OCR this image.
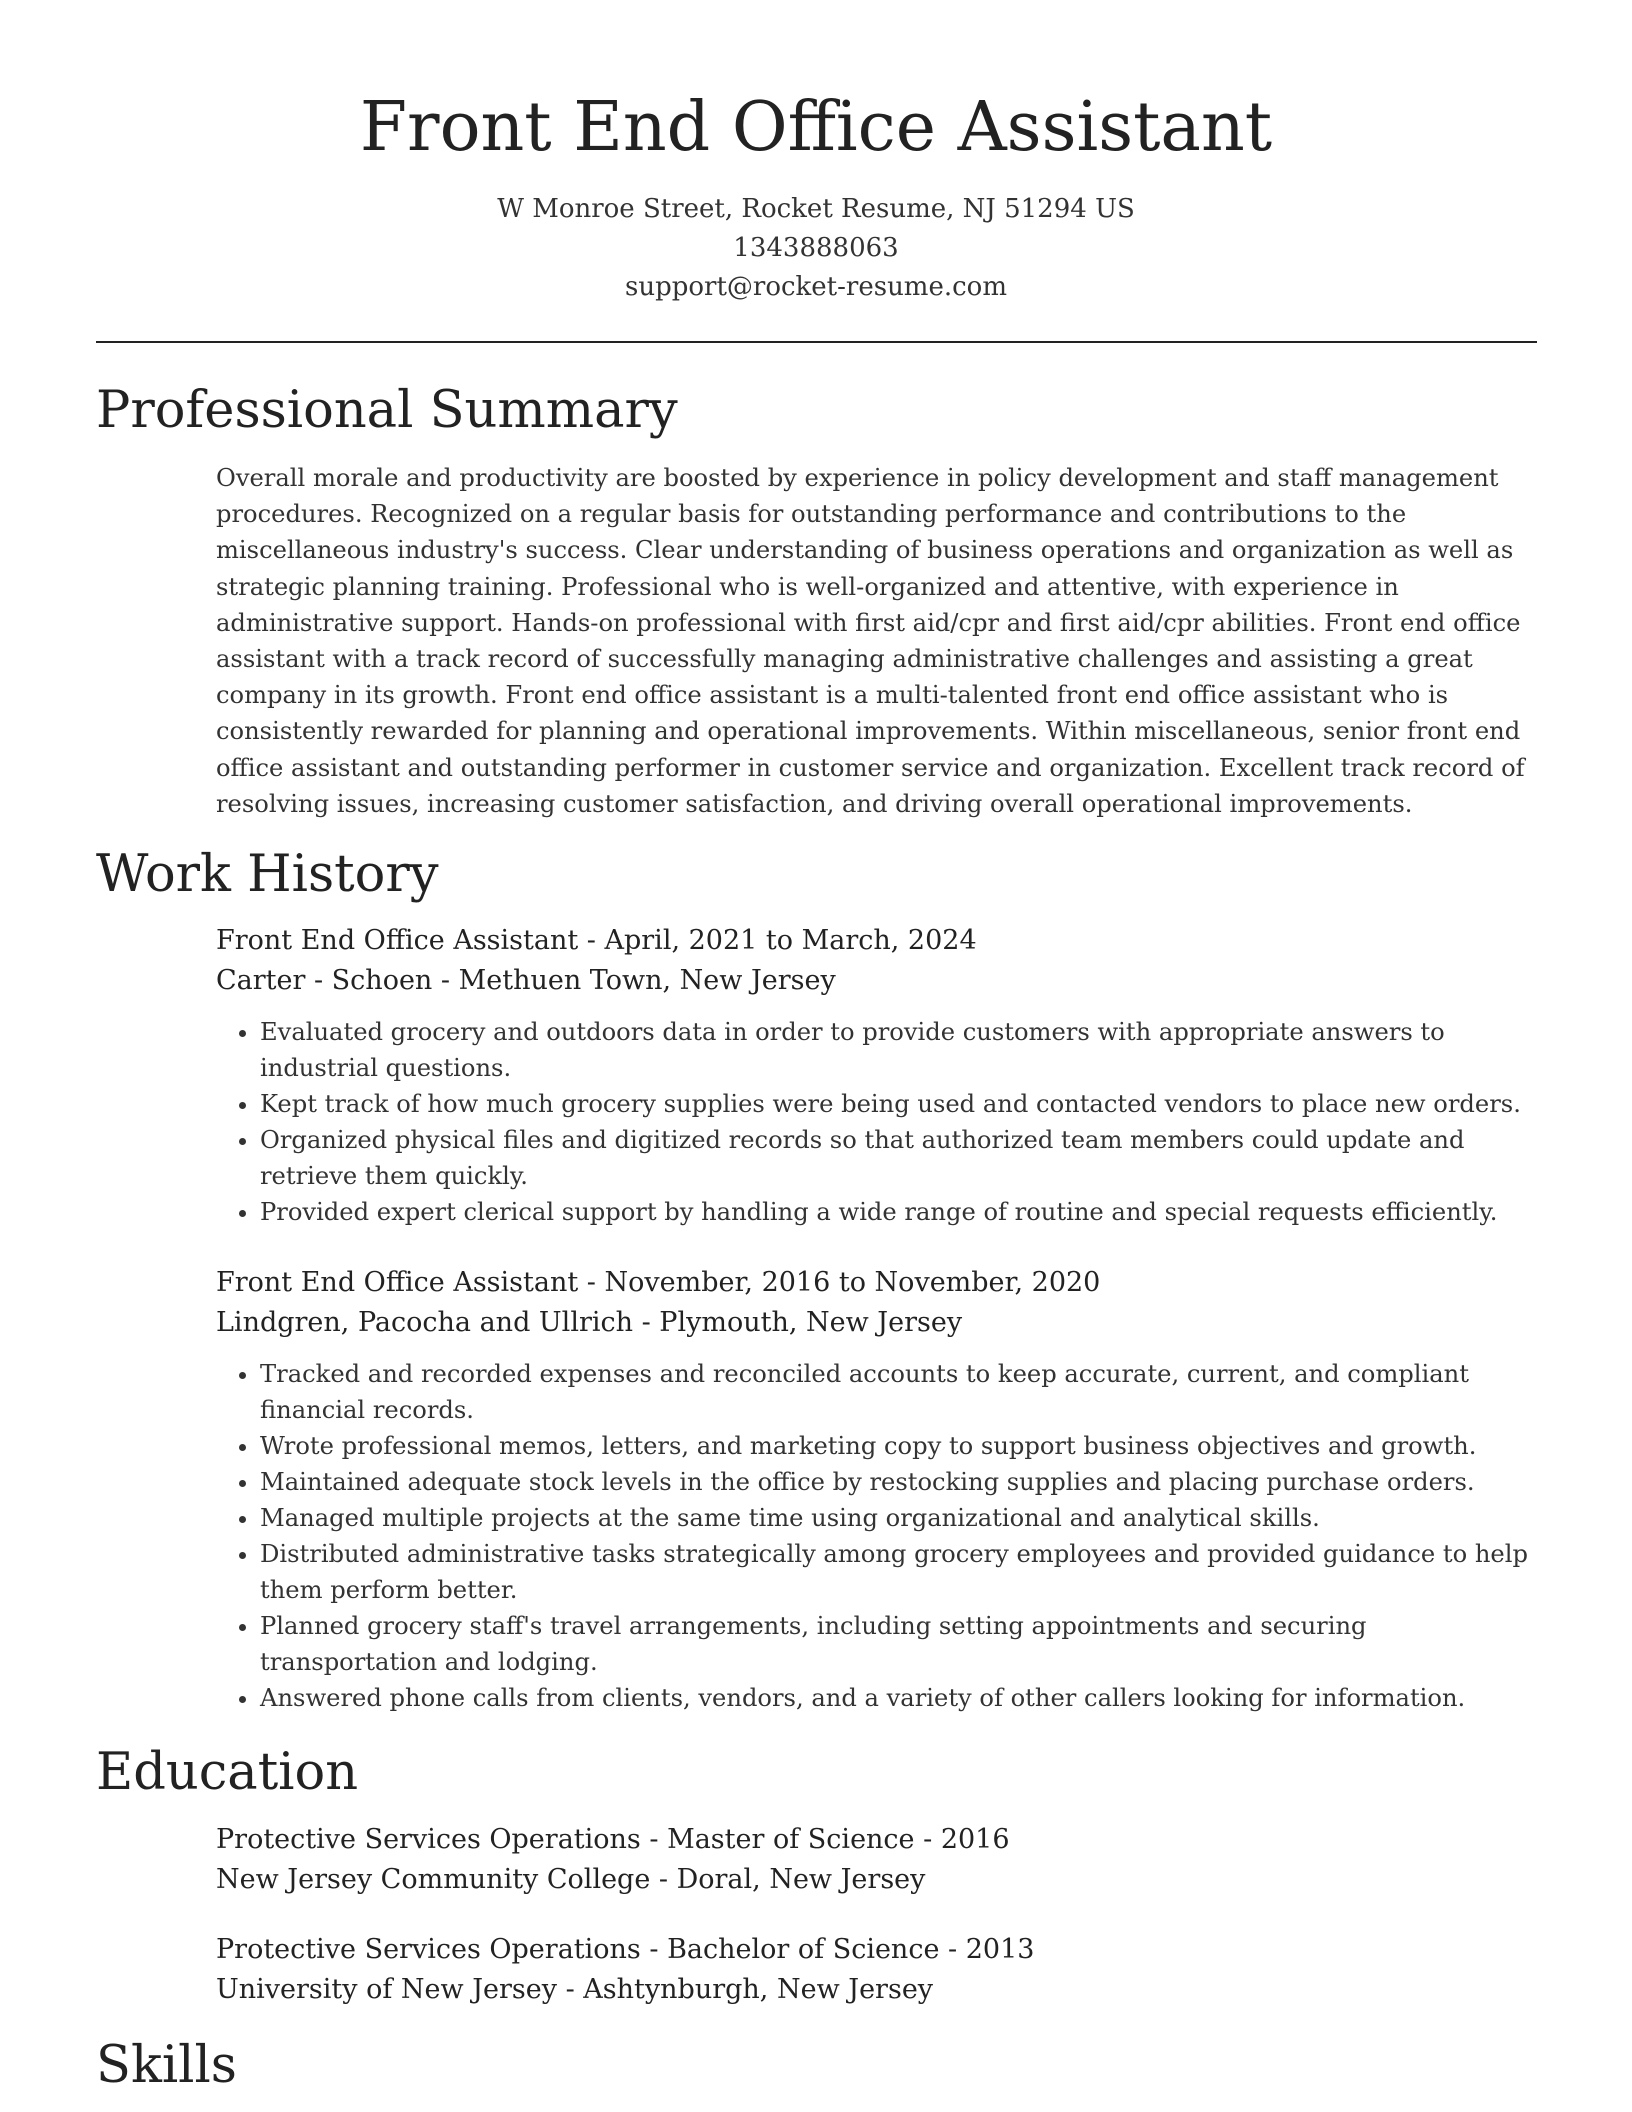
Front End Office Assistant
W Monroe Street, Rocket Resume, NJ 51294 US
1343888063
support@rocket-resume.com
Professional Summary
Overall morale and productivity are boosted by experience in policy development and staff management procedures. Recognized on a regular basis for outstanding performance and contributions to the miscellaneous industry's success. Clear understanding of business operations and organization as well as strategic planning training. Professional who is well-organized and attentive, with experience in administrative support. Hands-on professional with first aid/cpr and first aid/cpr abilities. Front end office assistant with a track record of successfully managing administrative challenges and assisting a great company in its growth. Front end office assistant is a multi-talented front end office assistant who is consistently rewarded for planning and operational improvements. Within miscellaneous, senior front end office assistant and outstanding performer in customer service and organization. Excellent track record of resolving issues, increasing customer satisfaction, and driving overall operational improvements.
Work History
Front End Office Assistant - April, 2021 to March, 2024
Carter - Schoen - Methuen Town, New Jersey
• Evaluated grocery and outdoors data in order to provide customers with appropriate answers to industrial questions.
• Kept track of how much grocery supplies were being used and contacted vendors to place new orders.
• Organized physical files and digitized records so that authorized team members could update and retrieve them quickly.
• Provided expert clerical support by handling a wide range of routine and special requests efficiently.
Front End Office Assistant - November, 2016 to November, 2020
Lindgren, Pacocha and Ullrich - Plymouth, New Jersey
• Tracked and recorded expenses and reconciled accounts to keep accurate, current, and compliant financial records.
• Wrote professional memos, letters, and marketing copy to support business objectives and growth.
• Maintained adequate stock levels in the office by restocking supplies and placing purchase orders.
• Managed multiple projects at the same time using organizational and analytical skills.
• Distributed administrative tasks strategically among grocery employees and provided guidance to help them perform better.
• Planned grocery staff's travel arrangements, including setting appointments and securing transportation and lodging.
• Answered phone calls from clients, vendors, and a variety of other callers looking for information.
Education
Protective Services Operations - Master of Science - 2016
New Jersey Community College - Doral, New Jersey
Protective Services Operations - Bachelor of Science - 2013
University of New Jersey - Ashtynburgh, New Jersey
Skills
